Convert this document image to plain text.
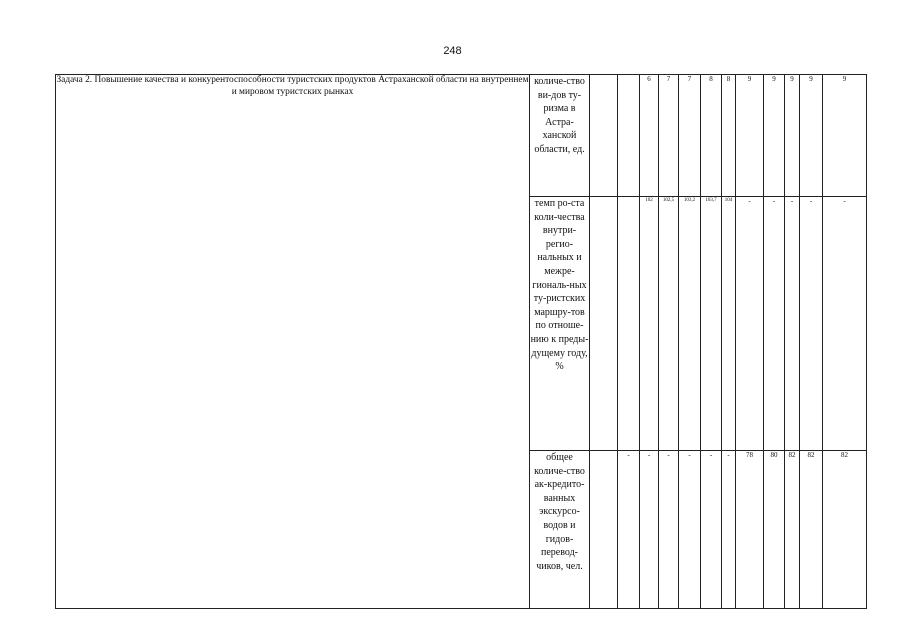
248
Задача 2. Повышение качества и конкурентоспособности туристских продуктов Астраханской области на внутреннем и мировом туристских рынках	количе-ство ви-дов ту-ризма в Астра-ханской области, ед.			6	7	7	8	8	9	9	9	9	9	
	темп ро-ста коли-чества внутри-регио-нальных и межре-гиональ-ных ту-ристских маршру-тов по отноше-нию к преды-дущему году, %			102	102,5	103,2	103,7	104	-	-	-	-	-	
	общее количе-ство ак-кредито-ванных экскурсо-водов и гидов-перевод-чиков, чел.		-	-	-	-	-	-	78	80	82	82	82	
